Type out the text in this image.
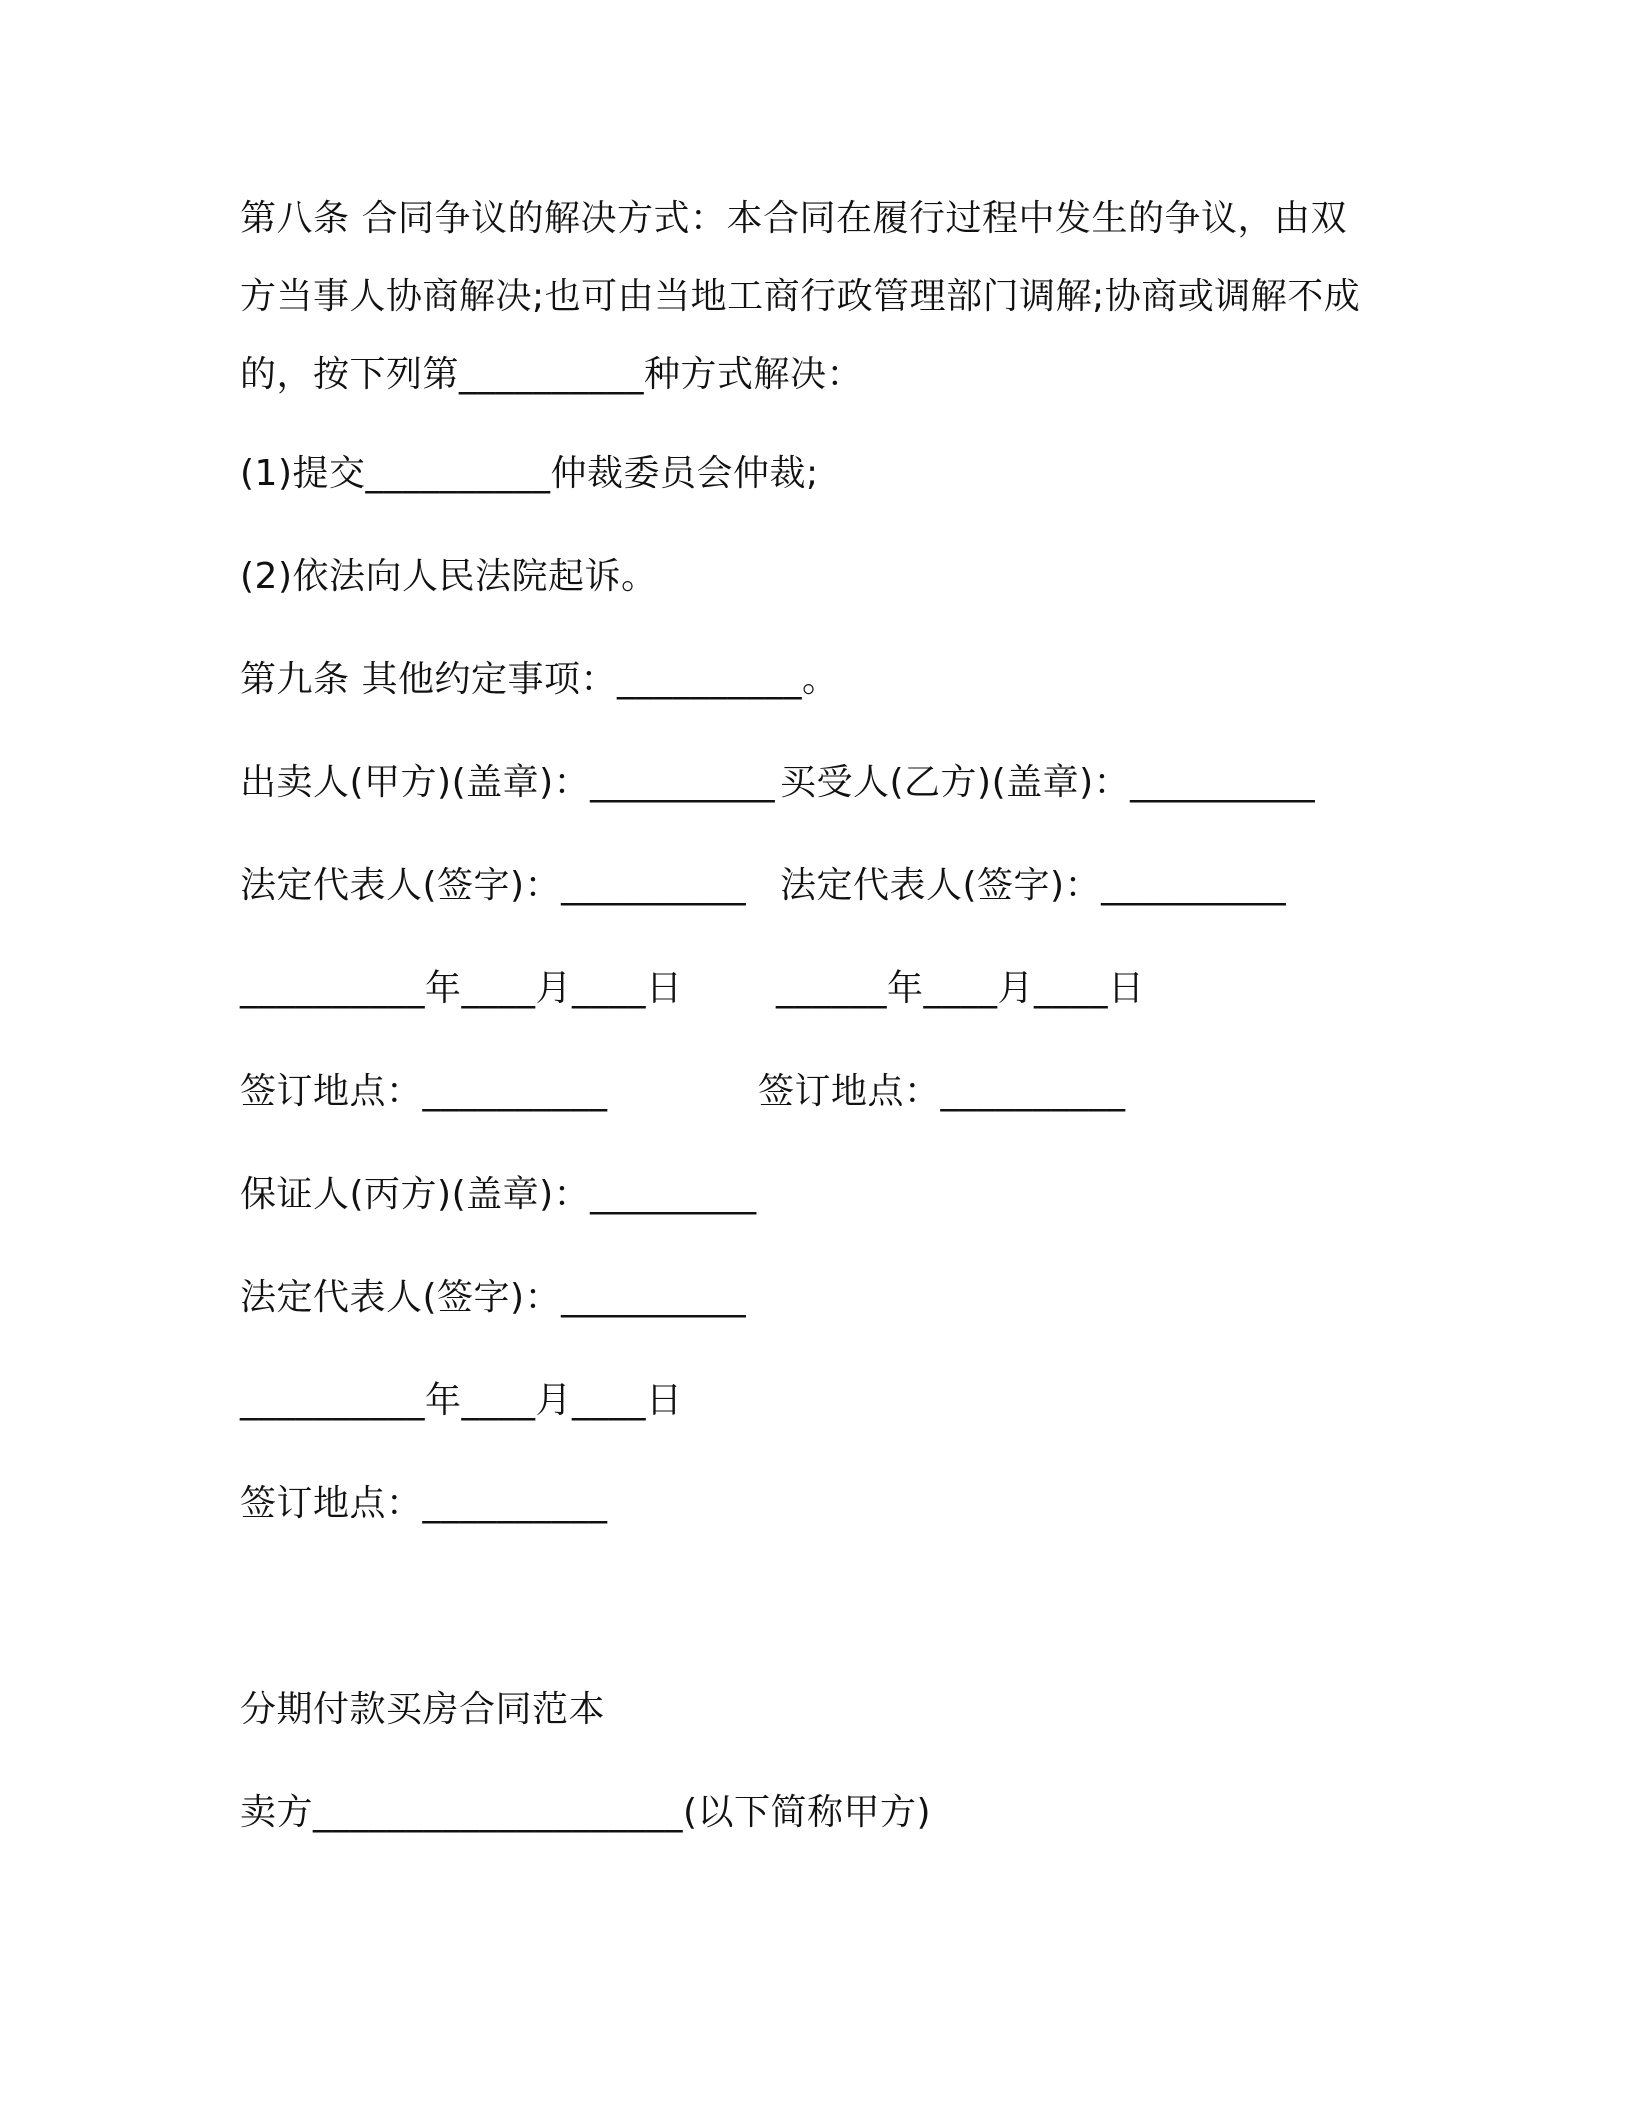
第八条 合同争议的解决方式：本合同在履行过程中发生的争议，由双
方当事人协商解决;也可由当地工商行政管理部门调解;协商或调解不成
的，按下列第__________种方式解决：
(1)提交__________仲裁委员会仲裁;
(2)依法向人民法院起诉。
第九条 其他约定事项：__________。
出卖人(甲方)(盖章)：__________ 买受人(乙方)(盖章)：__________
法定代表人(签字)：__________ 法定代表人(签字)：__________
__________年____月____日	______年____月____日
签订地点：__________	签订地点：__________
保证人(丙方)(盖章)：_________
法定代表人(签字)：__________
__________年____月____日
签订地点：__________
分期付款买房合同范本
卖方____________________(以下简称甲方)
